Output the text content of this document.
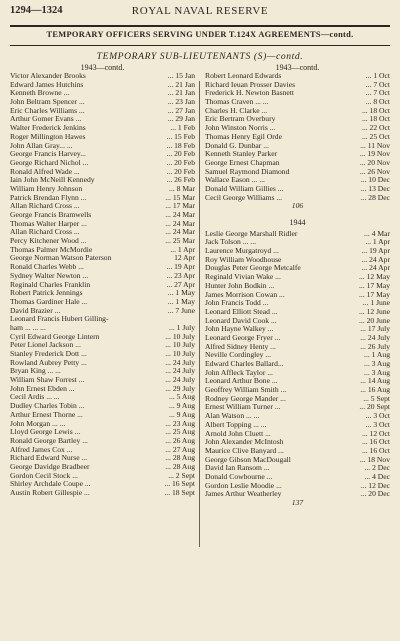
1294—1324	ROYAL NAVAL RESERVE
TEMPORARY OFFICERS SERVING UNDER T.124X AGREEMENTS—contd.
TEMPORARY SUB-LIEUTENANTS (S)—contd.
1943—contd.
Victor Alexander Brooks	... 15 Jan
Edward James Hutchins	... 21 Jan
Kenneth Browne ...	... 21 Jan
John Beltram Spencer ...	... 23 Jan
Eric Charles Williams ...	... 27 Jan
Arthur Gomer Evans ...	... 29 Jan
Walter Frederick Jenkins	... 1 Feb
Roger Millington Hawes	... 15 Feb
John Allan Gray... ...	... 18 Feb
George Francis Harvey...	... 20 Feb
George Richard Nichol ...	... 20 Feb
Ronald Alfred Wade ...	... 20 Feb
Iain John McNeill Kennedy	... 26 Feb
William Henry Johnson	... 8 Mar
Patrick Brendan Flynn ...	... 15 Mar
Allan Richard Cross ...	... 17 Mar
George Francis Bramwells	... 24 Mar
Thomas Walter Harper ...	... 24 Mar
Allan Richard Cross ...	... 24 Mar
Percy Kitchener Wood ...	... 25 Mar
Thomas Palmer McMordie	... 1 Apr
George Norman Watson Paterson	12 Apr
Ronald Charles Webb ...	... 19 Apr
Sydney Walter Newton ...	... 23 Apr
Reginald Charles Franklin	... 27 Apr
Robert Patrick Jennings	... 1 May
Thomas Gardiner Hale ...	... 1 May
David Brazier ...	... 7 June
Leonard Francis Hubert Gilling-
ham ... ... ...	... 1 July
Cyril Edward George Lintern	... 10 July
Peter Lionel Jackson ...	... 10 July
Stanley Frederick Dott ...	... 10 July
Rowland Aubrey Petty ...	... 24 July
Bryan King ... ...	... 24 July
William Shaw Forrest ...	... 24 July
John Ernest Ebden ...	... 29 July
Cecil Ardis ... ...	... 5 Aug
Dudley Charles Tobin ...	... 9 Aug
Arthur Ernest Thorne ...	... 9 Aug
John Morgan ... ...	... 23 Aug
Lloyd George Lewis ...	... 25 Aug
Ronald George Bartley ...	... 26 Aug
Alfred James Cox ...	... 27 Aug
Richard Edward Nurse ...	... 28 Aug
George Davidge Bradbeer	... 28 Aug
Gordon Cecil Stock ...	... 2 Sept
Shirley Archdale Coupe ...	... 16 Sept
Austin Robert Gillespie ...	... 18 Sept
1943—contd.
Robert Leonard Edwards	... 1 Oct
Richard Ieuan Prosser Davies	... 7 Oct
Frederick H. Newton Basnett	... 7 Oct
Thomas Craven ... ...	... 8 Oct
Charles H. Clarke ...	... 18 Oct
Eric Bertram Overbury	... 18 Oct
John Winston Norris ...	... 22 Oct
Thomas Henry Egil Orde	... 25 Oct
Donald G. Dunbar ...	... 11 Nov
Kenneth Stanley Parker	... 19 Nov
George Ernest Chapman	... 20 Nov
Samuel Raymond Diamond	... 26 Nov
Wallace Eason ... ...	... 10 Dec
Donald William Gillies ...	... 13 Dec
Cecil George Williams ...	... 28 Dec
106
1944
Leslie George Marshall Ridler	... 4 Mar
Jack Tolson ... ...	... 1 Apr
Laurence Murgatroyd ...	... 19 Apr
Roy William Woodhouse	... 24 Apr
Douglas Peter George Metcalfe	... 24 Apr
Reginald Vivian Wake ...	... 12 May
Hunter John Bodkin ...	... 17 May
James Morrison Cowan ...	... 17 May
John Francis Todd ...	... 1 June
Leonard Elliott Stead ...	... 12 June
Leonard David Cook ...	... 20 June
John Hayne Walkey ...	... 17 July
Leonard George Fryer ...	... 24 July
Alfred Sidney Henty ...	... 26 July
Neville Cordingley ...	... 1 Aug
Edward Charles Ballard...	... 3 Aug
John Affleck Taylor ...	... 3 Aug
Leonard Arthur Bone ...	... 14 Aug
Geoffrey William Smith ...	... 16 Aug
Rodney George Mander ...	... 5 Sept
Ernest William Turner ...	... 20 Sept
Alan Watson ... ...	... 3 Oct
Albert Topping ... ...	... 3 Oct
Arnold John Cluett ...	... 12 Oct
John Alexander McIntosh	... 16 Oct
Maurice Clive Banyard ...	... 16 Oct
George Gibson MacDougall	... 18 Nov
David Ian Ransom ...	... 2 Dec
Donald Cowbourne ...	... 4 Dec
Gordon Leslie Moodie ...	... 12 Dec
James Arthur Weatherley	... 20 Dec
137
